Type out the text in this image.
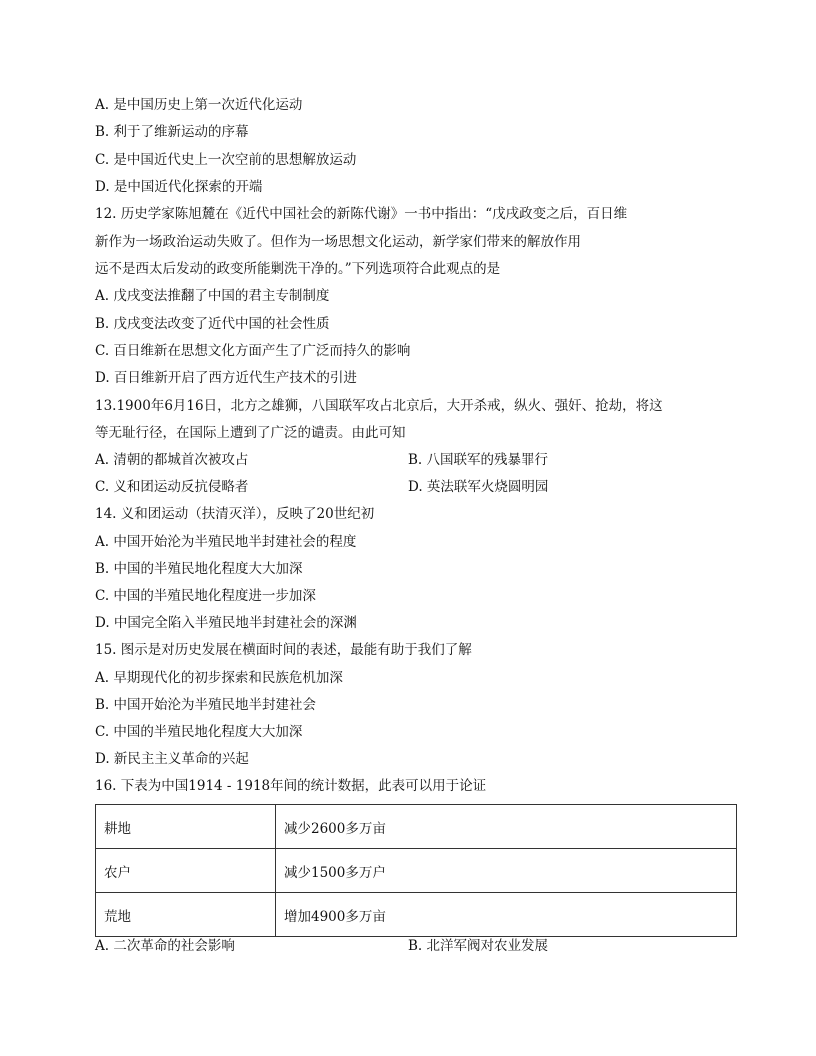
A. 是中国历史上第一次近代化运动
B. 利于了维新运动的序幕
C. 是中国近代史上一次空前的思想解放运动
D. 是中国近代化探索的开端
12. 历史学家陈旭麓在《近代中国社会的新陈代谢》一书中指出：“戊戌政变之后，百日维
新作为一场政治运动失败了。但作为一场思想文化运动，新学家们带来的解放作用
远不是西太后发动的政变所能剿洗干净的。”下列选项符合此观点的是
A. 戊戌变法推翻了中国的君主专制制度
B. 戊戌变法改变了近代中国的社会性质
C. 百日维新在思想文化方面产生了广泛而持久的影响
D. 百日维新开启了西方近代生产技术的引进
13.1900年6月16日，北方之雄狮，八国联军攻占北京后，大开杀戒，纵火、强奸、抢劫，将这
等无耻行径，在国际上遭到了广泛的谴责。由此可知
A. 清朝的都城首次被攻占	B. 八国联军的残暴罪行
C. 义和团运动反抗侵略者	D. 英法联军火烧圆明园
14. 义和团运动（扶清灭洋），反映了20世纪初
A. 中国开始沦为半殖民地半封建社会的程度
B. 中国的半殖民地化程度大大加深
C. 中国的半殖民地化程度进一步加深
D. 中国完全陷入半殖民地半封建社会的深渊
15. 图示是对历史发展在横面时间的表述，最能有助于我们了解
A. 早期现代化的初步探索和民族危机加深
B. 中国开始沦为半殖民地半封建社会
C. 中国的半殖民地化程度大大加深
D. 新民主主义革命的兴起
16. 下表为中国1914 - 1918年间的统计数据，此表可以用于论证
耕地	减少2600多万亩
农户	减少1500多万户
荒地	增加4900多万亩
A. 二次革命的社会影响	B. 北洋军阀对农业发展
